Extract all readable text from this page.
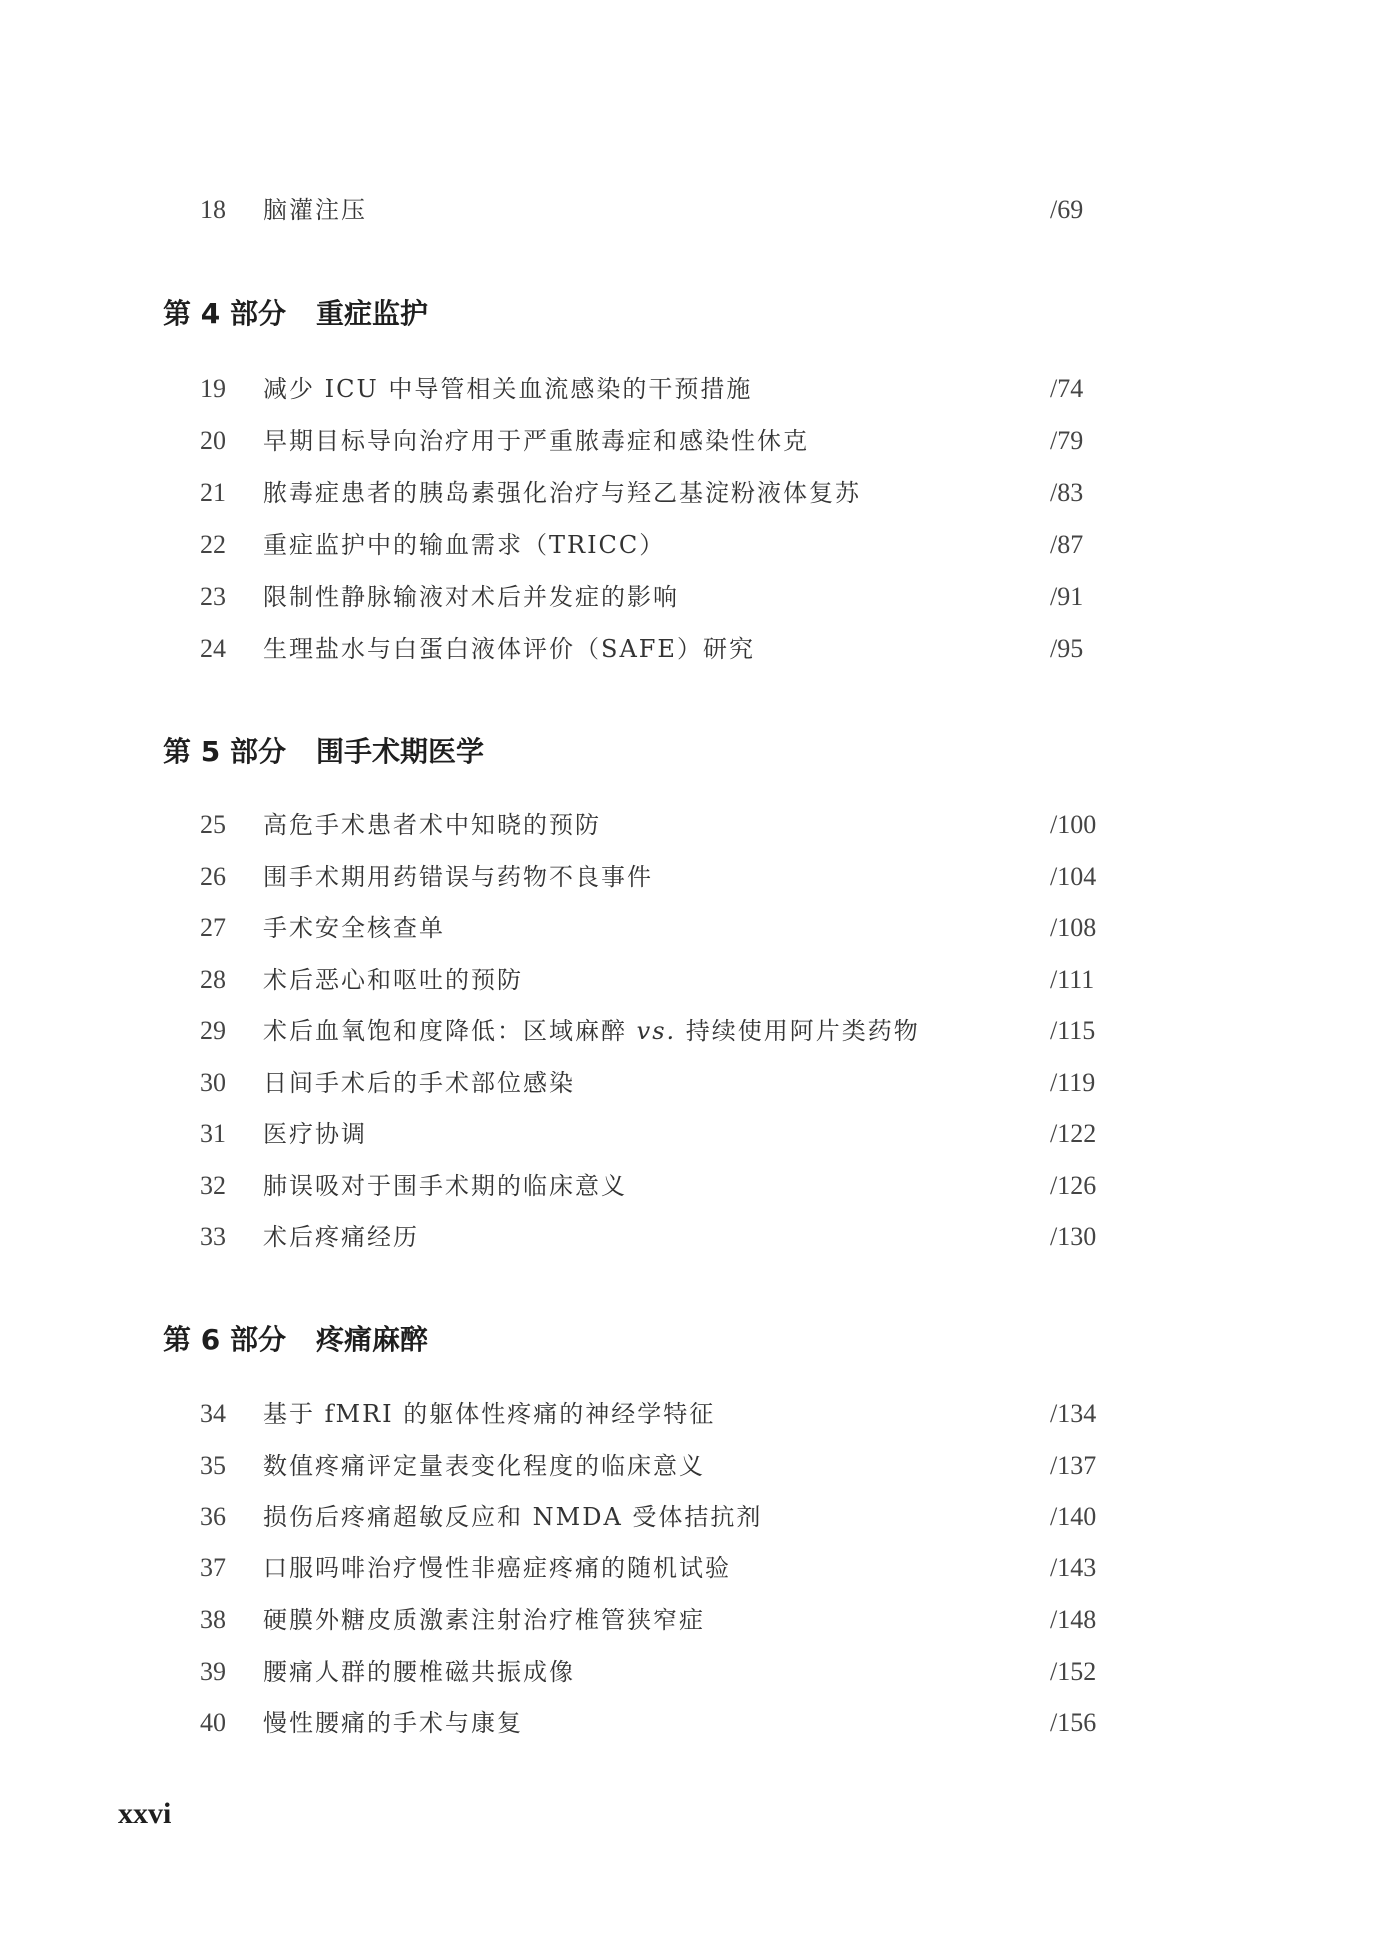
18	脑灌注压	/69
第 4 部分 重症监护
19	减少 ICU 中导管相关血流感染的干预措施	/74
20	早期目标导向治疗用于严重脓毒症和感染性休克	/79
21	脓毒症患者的胰岛素强化治疗与羟乙基淀粉液体复苏	/83
22	重症监护中的输血需求（TRICC）	/87
23	限制性静脉输液对术后并发症的影响	/91
24	生理盐水与白蛋白液体评价（SAFE）研究	/95
第 5 部分 围手术期医学
25	高危手术患者术中知晓的预防	/100
26	围手术期用药错误与药物不良事件	/104
27	手术安全核查单	/108
28	术后恶心和呕吐的预防	/111
29	术后血氧饱和度降低：区域麻醉 vs. 持续使用阿片类药物	/115
30	日间手术后的手术部位感染	/119
31	医疗协调	/122
32	肺误吸对于围手术期的临床意义	/126
33	术后疼痛经历	/130
第 6 部分 疼痛麻醉
34	基于 fMRI 的躯体性疼痛的神经学特征	/134
35	数值疼痛评定量表变化程度的临床意义	/137
36	损伤后疼痛超敏反应和 NMDA 受体拮抗剂	/140
37	口服吗啡治疗慢性非癌症疼痛的随机试验	/143
38	硬膜外糖皮质激素注射治疗椎管狭窄症	/148
39	腰痛人群的腰椎磁共振成像	/152
40	慢性腰痛的手术与康复	/156
xxvi
